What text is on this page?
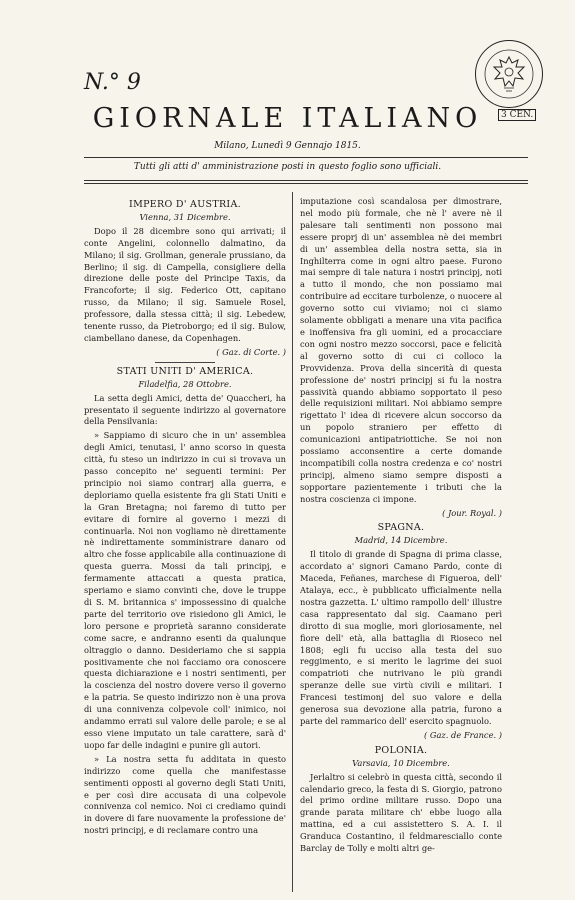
N.° 9
3 CEN.
GIORNALE ITALIANO
Milano, Lunedì 9 Gennajo 1815.
Tutti gli atti d' amministrazione posti in questo foglio sono ufficiali.
IMPERO D' AUSTRIA.
Vienna, 31 Dicembre.

Dopo il 28 dicembre sono qui arrivati; il conte Angelini, colonnello dalmatino, da Milano; il sig. Grollman, generale prussiano, da Berlino; il sig. di Campella, consigliere della direzione delle poste del Principe Taxis, da Francoforte; il sig. Federico Ott, capitano russo, da Milano; il sig. Samuele Rosel, professore, dalla stessa città; il sig. Lebedew, tenente russo, da Pietroborgo; ed il sig. Bulow, ciambellano danese, da Copenhagen.

( Gaz. di Corte. )
STATI UNITI D' AMERICA.
Filadelfia, 28 Ottobre.

La setta degli Amici, detta de' Quaccheri, ha presentato il seguente indirizzo al governatore della Pensilvania:

» Sappiamo di sicuro che in un' assemblea degli Amici, tenutasi, l' anno scorso in questa città, fu steso un indirizzo in cui si trovava un passo concepito ne' seguenti termini: Per principio noi siamo contrarj alla guerra, e deploriamo quella esistente fra gli Stati Uniti e la Gran Bretagna; noi faremo di tutto per evitare di fornire al governo i mezzi di continuarla. Noi non vogliamo nè direttamente nè indirettamente somministrare danaro od altro che fosse applicabile alla continuazione di questa guerra. Mossi da tali principj, e fermamente attaccati a questa pratica, speriamo e siamo convinti che, dove le truppe di S. M. britannica s' impossessino di qualche parte del territorio ove risiedono gli Amici, le loro persone e proprietà saranno considerate come sacre, e andranno esenti da qualunque oltraggio o danno. Desideriamo che si sappia positivamente che noi facciamo ora conoscere questa dichiarazione e i nostri sentimenti, per la coscienza del nostro dovere verso il governo e la patria. Se questo indirizzo non è una prova di una connivenza colpevole coll' inimico, noi andammo errati sul valore delle parole; e se al esso viene imputato un tale carattere, sarà d' uopo far delle indagini e punire gli autori.

» La nostra setta fu additata in questo indirizzo come quella che manifestasse sentimenti opposti al governo degli Stati Uniti, e per così dire accusata di una colpevole connivenza col nemico. Noi ci crediamo quindi in dovere di fare nuovamente la professione de' nostri principj, e di reclamare contro una

imputazione così scandalosa per dimostrare, nel modo più formale, che nè l' avere nè il palesare tali sentimenti non possono mai essere proprj di un' assemblea nè dei membri di un' assemblea della nostra setta, sia in Inghilterra come in ogni altro paese. Furono mai sempre di tale natura i nostri principj, noti a tutto il mondo, che non possiamo mai contribuire ad eccitare turbolenze, o nuocere al governo sotto cui viviamo; noi ci siamo solamente obbligati a menare una vita pacifica e inoffensiva fra gli uomini, ed a procacciare con ogni nostro mezzo soccorsi, pace e felicità al governo sotto di cui ci colloco la Provvidenza. Prova della sincerità di questa professione de' nostri principj si fu la nostra passività quando abbiamo sopportato il peso delle requisizioni militari. Noi abbiamo sempre rigettato l' idea di ricevere alcun soccorso da un popolo straniero per effetto di comunicazioni antipatriottiche. Se noi non possiamo acconsentire a certe domande incompatibili colla nostra credenza e co' nostri principj, almeno siamo sempre disposti a sopportare pazientemente i tributi che la nostra coscienza ci impone.

( Jour. Royal. )
SPAGNA.
Madrid, 14 Dicembre.

Il titolo di grande di Spagna di prima classe, accordato a' signori Camano Pardo, conte di Maceda, Feñanes, marchese di Figueroa, dell' Atalaya, ecc., è pubblicato ufficialmente nella nostra gazzetta. L' ultimo rampollo dell' illustre casa rappresentato dal sig. Caamano perì dirotto di sua moglie, morì gloriosamente, nel fiore dell' età, alla battaglia di Rioseco nel 1808; egli fu ucciso alla testa del suo reggimento, e si merito le lagrime dei suoi compatrioti che nutrivano le più grandi speranze delle sue virtù civili e militari. I Francesi testimonj del suo valore e della generosa sua devozione alla patria, furono a parte del rammarico dell' esercito spagnuolo.

( Gaz. de France. )
POLONIA.
Varsavia, 10 Dicembre.

Jerlaltro si celebrò in questa città, secondo il calendario greco, la festa di S. Giorgio, patrono del primo ordine militare russo. Dopo una grande parata militare ch' ebbe luogo alla mattina, ed a cui assistettero S. A. I. il Granduca Costantino, il feldmaresciallo conte Barclay de Tolly e molti altri ge-
